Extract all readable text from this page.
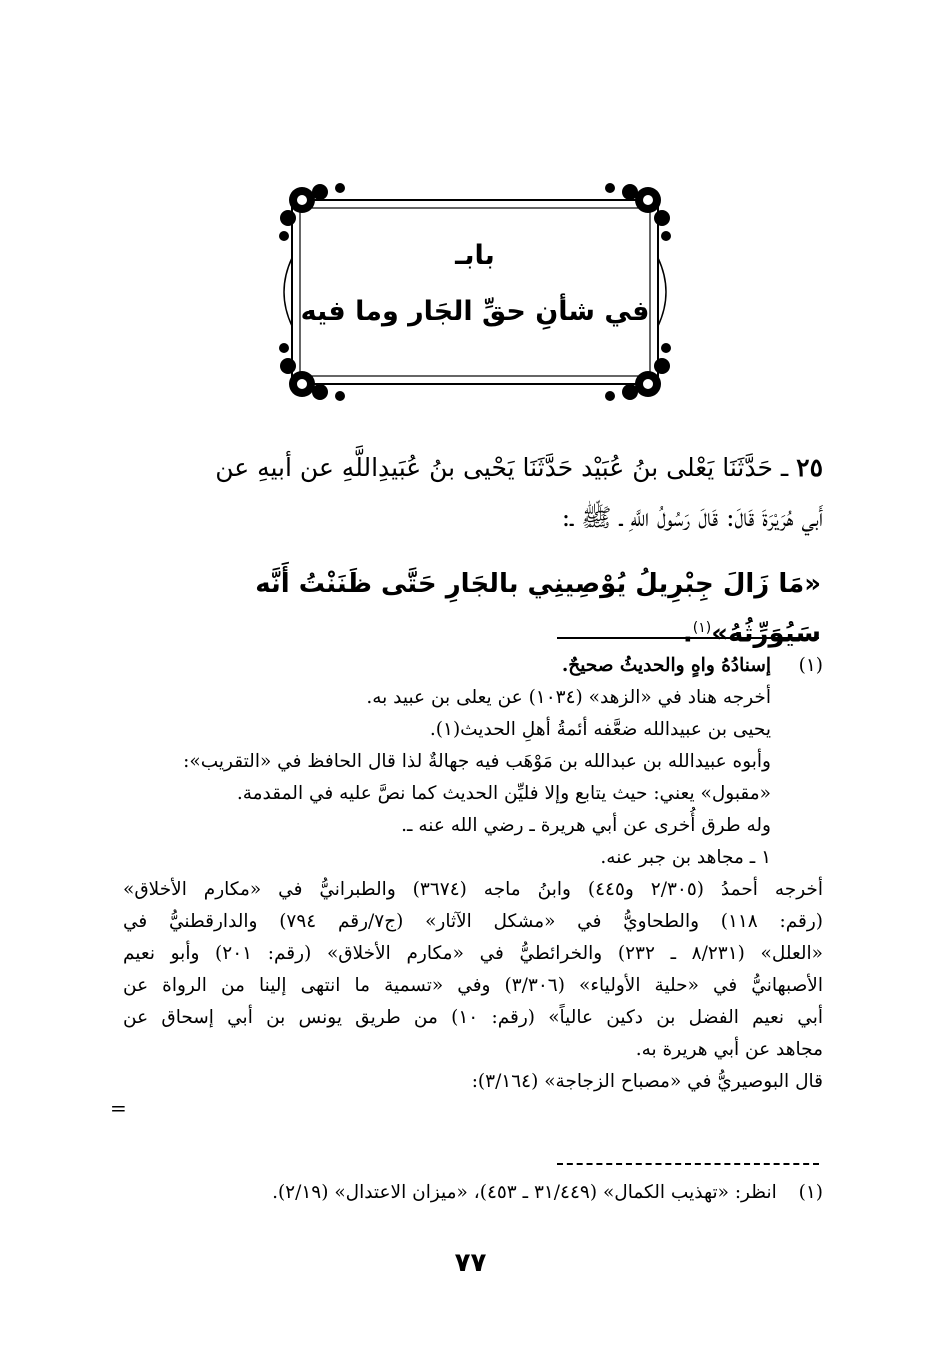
بابـ
في شأنِ حقِّ الجَار وما فيه
٢٥ ـ حَدَّثَنَا يَعْلى بنُ عُبَيْد حَدَّثَنَا يَحْيى بنُ عُبَيدِاللَّهِ عن أبيهِ عن
أَبي هُرَيْرَةَ قَالَ: قَالَ رَسُولُ اللَّهِ ـ ﷺ ـ:
«مَا زَالَ جِبْرِيلُ يُوْصِينِي بالجَارِ حَتَّى ظَنَنْتُ أَنَّه سَيُوَرِّثُهُ»$^{(١)}$.
(١)
إسنادُهُ واهٍ والحديثُ صحيحٌ.
أخرجه هناد في «الزهد» (١٠٣٤) عن يعلى بن عبيد به.
يحيى بن عبيدالله ضعَّفه أئمةُ أهلِ الحديث(١).
وأبوه عبيدالله بن عبدالله بن مَوْهَب فيه جهالةٌ لذا قال الحافظ في «التقريب»:
«مقبول» يعني: حيث يتابع وإلا فليِّن الحديث كما نصَّ عليه في المقدمة.
وله طرق أُخرى عن أبي هريرة ـ رضي الله عنه ـ.
١ ـ مجاهد بن جبر عنه.
أخرجه أحمدُ (٢/٣٠٥ و٤٤٥) وابنُ ماجه (٣٦٧٤) والطبرانيُّ في «مكارم الأخلاق»
(رقم: ١١٨) والطحاويُّ في «مشكل الآثار» (ج٧/رقم ٧٩٤) والدارقطنيُّ في
«العلل» (٨/٢٣١ ـ ٢٣٢) والخرائطيُّ في «مكارم الأخلاق» (رقم: ٢٠١) وأبو نعيم
الأصبهانيُّ في «حلية الأولياء» (٣/٣٠٦) وفي «تسمية ما انتهى إلينا من الرواة عن
أبي نعيم الفضل بن دكين عالياً» (رقم: ١٠) من طريق يونس بن أبي إسحاق عن
مجاهد عن أبي هريرة به.
قال البوصيريُّ في «مصباح الزجاجة» (٣/١٦٤):
=
(١) انظر: «تهذيب الكمال» (٣١/٤٤٩ ـ ٤٥٣)، «ميزان الاعتدال» (٢/١٩).
٧٧
